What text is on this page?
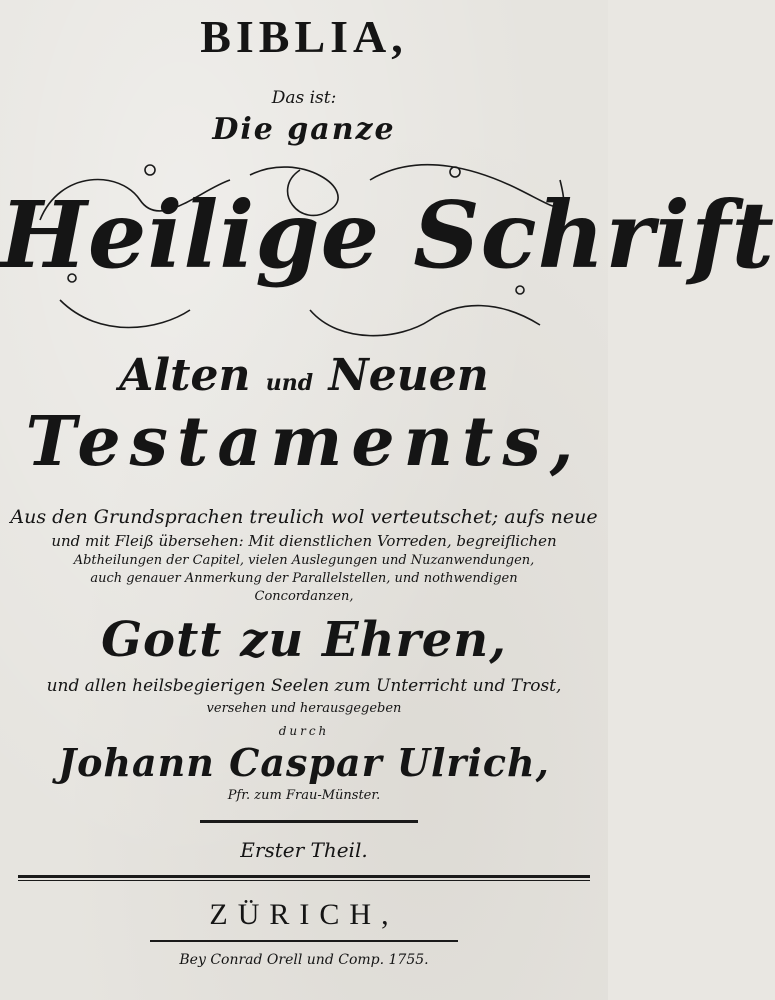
BIBLIA,
Das ist:
Die ganze
Heilige Schrift
Alten und Neuen
Testaments,
Aus den Grundsprachen treulich wol verteutschet; aufs neue
und mit Fleiß übersehen: Mit dienstlichen Vorreden, begreiflichen
Abtheilungen der Capitel, vielen Auslegungen und Nuzanwendungen,
auch genauer Anmerkung der Parallelstellen, und nothwendigen
Concordanzen,
Gott zu Ehren,
und allen heilsbegierigen Seelen zum Unterricht und Trost,
versehen und herausgegeben
durch
Johann Caspar Ulrich,
Pfr. zum Frau-Münster.
Erster Theil.
ZÜRICH,
Bey Conrad Orell und Comp. 1755.
